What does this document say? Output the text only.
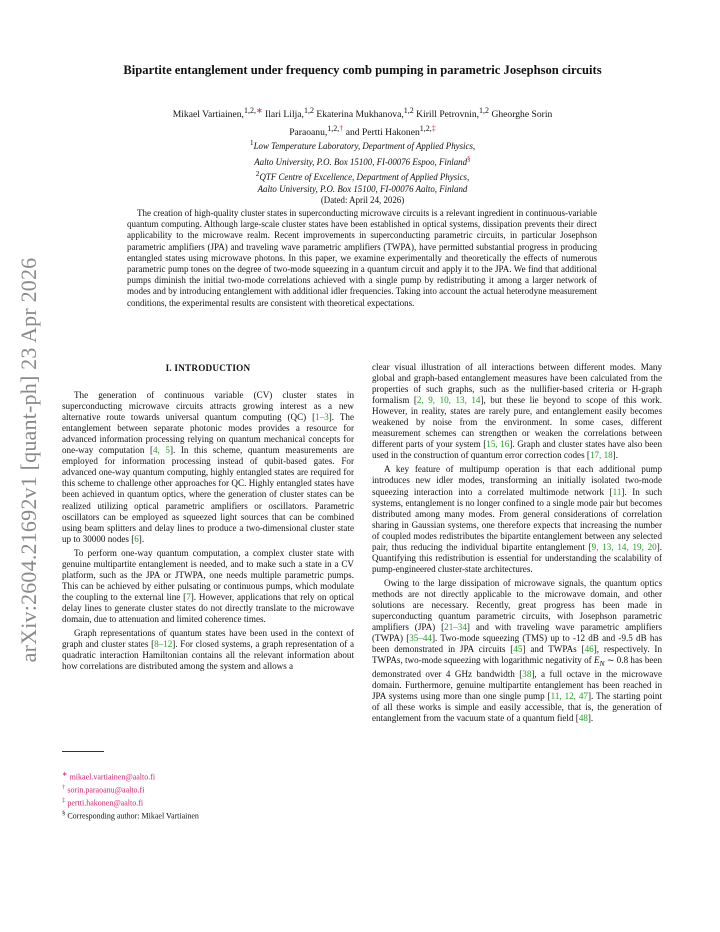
arXiv:2604.21692v1 [quant-ph] 23 Apr 2026
Bipartite entanglement under frequency comb pumping in parametric Josephson circuits
Mikael Vartiainen,$^{1,2,∗}$ Ilari Lilja,$^{1,2}$ Ekaterina Mukhanova,$^{1,2}$ Kirill Petrovnin,$^{1,2}$ Gheorghe Sorin Paraoanu,$^{1,2,\dagger}$ and Pertti Hakonen$^{1,2,\ddagger}$
$^1$Low Temperature Laboratory, Department of Applied Physics,
Aalto University, P.O. Box 15100, FI-00076 Espoo, Finland§
$^2$QTF Centre of Excellence, Department of Applied Physics,
Aalto University, P.O. Box 15100, FI-00076 Aalto, Finland
(Dated: April 24, 2026)

The creation of high-quality cluster states in superconducting microwave circuits is a relevant ingredient in continuous-variable quantum computing. Although large-scale cluster states have been established in optical systems, dissipation prevents their direct applicability to the microwave realm. Recent improvements in superconducting parametric circuits, in particular Josephson parametric amplifiers (JPA) and traveling wave parametric amplifiers (TWPA), have permitted substantial progress in producing entangled states using microwave photons. In this paper, we examine experimentally and theoretically the effects of numerous parametric pump tones on the degree of two-mode squeezing in a quantum circuit and apply it to the JPA. We find that additional pumps diminish the initial two-mode correlations achieved with a single pump by redistributing it among a larger network of modes and by introducing entanglement with additional idler frequencies. Taking into account the actual heterodyne measurement conditions, the experimental results are consistent with theoretical expectations.

I. INTRODUCTION

The generation of continuous variable (CV) cluster states in superconducting microwave circuits attracts growing interest as a new alternative route towards universal quantum computing (QC) [1–3]. The entanglement between separate photonic modes provides a resource for advanced information processing relying on quantum mechanical concepts for one-way computation [4, 5]. In this scheme, quantum measurements are employed for information processing instead of qubit-based gates. For advanced one-way quantum computing, highly entangled states are required for this scheme to challenge other approaches for QC. Highly entangled states have been achieved in quantum optics, where the generation of cluster states can be realized utilizing optical parametric amplifiers or oscillators. Parametric oscillators can be employed as squeezed light sources that can be combined using beam splitters and delay lines to produce a two-dimensional cluster state up to 30000 nodes [6].

To perform one-way quantum computation, a complex cluster state with genuine multipartite entanglement is needed, and to make such a state in a CV platform, such as the JPA or JTWPA, one needs multiple parametric pumps. This can be achieved by either pulsating or continuous pumps, which modulate the coupling to the external line [7]. However, applications that rely on optical delay lines to generate cluster states do not directly translate to the microwave domain, due to attenuation and limited coherence times.

Graph representations of quantum states have been used in the context of graph and cluster states [8–12]. For closed systems, a graph representation of a quadratic interaction Hamiltonian contains all the relevant information about how correlations are distributed among the system and allows a

∗ mikael.vartiainen@aalto.fi
† sorin.paraoanu@aalto.fi
‡ pertti.hakonen@aalto.fi
§ Corresponding author: Mikael Vartiainen

clear visual illustration of all interactions between different modes. Many global and graph-based entanglement measures have been calculated from the properties of such graphs, such as the nullifier-based criteria or H-graph formalism [2, 9, 10, 13, 14], but these lie beyond to scope of this work. However, in reality, states are rarely pure, and entanglement easily becomes weakened by noise from the environment. In some cases, different measurement schemes can strengthen or weaken the correlations between different parts of your system [15, 16]. Graph and cluster states have also been used in the construction of quantum error correction codes [17, 18].

A key feature of multipump operation is that each additional pump introduces new idler modes, transforming an initially isolated two-mode squeezing interaction into a correlated multimode network [11]. In such systems, entanglement is no longer confined to a single mode pair but becomes distributed among many modes. From general considerations of correlation sharing in Gaussian systems, one therefore expects that increasing the number of coupled modes redistributes the bipartite entanglement between any selected pair, thus reducing the individual bipartite entanglement [9, 13, 14, 19, 20]. Quantifying this redistribution is essential for understanding the scalability of pump-engineered cluster-state architectures.

Owing to the large dissipation of microwave signals, the quantum optics methods are not directly applicable to the microwave domain, and other solutions are necessary. Recently, great progress has been made in superconducting quantum parametric circuits, with Josephson parametric amplifiers (JPA) [21–34] and with traveling wave parametric amplifiers (TWPA) [35–44]. Two-mode squeezing (TMS) up to -12 dB and -9.5 dB has been demonstrated in JPA circuits [45] and TWPAs [46], respectively. In TWPAs, two-mode squeezing with logarithmic negativity of $E_N$ ∼ 0.8 has been demonstrated over 4 GHz bandwidth [38], a full octave in the microwave domain. Furthermore, genuine multipartite entanglement has been reached in JPA systems using more than one single pump [11, 12, 47]. The starting point of all these works is simple and easily accessible, that is, the generation of entanglement from the vacuum state of a quantum field [48].
